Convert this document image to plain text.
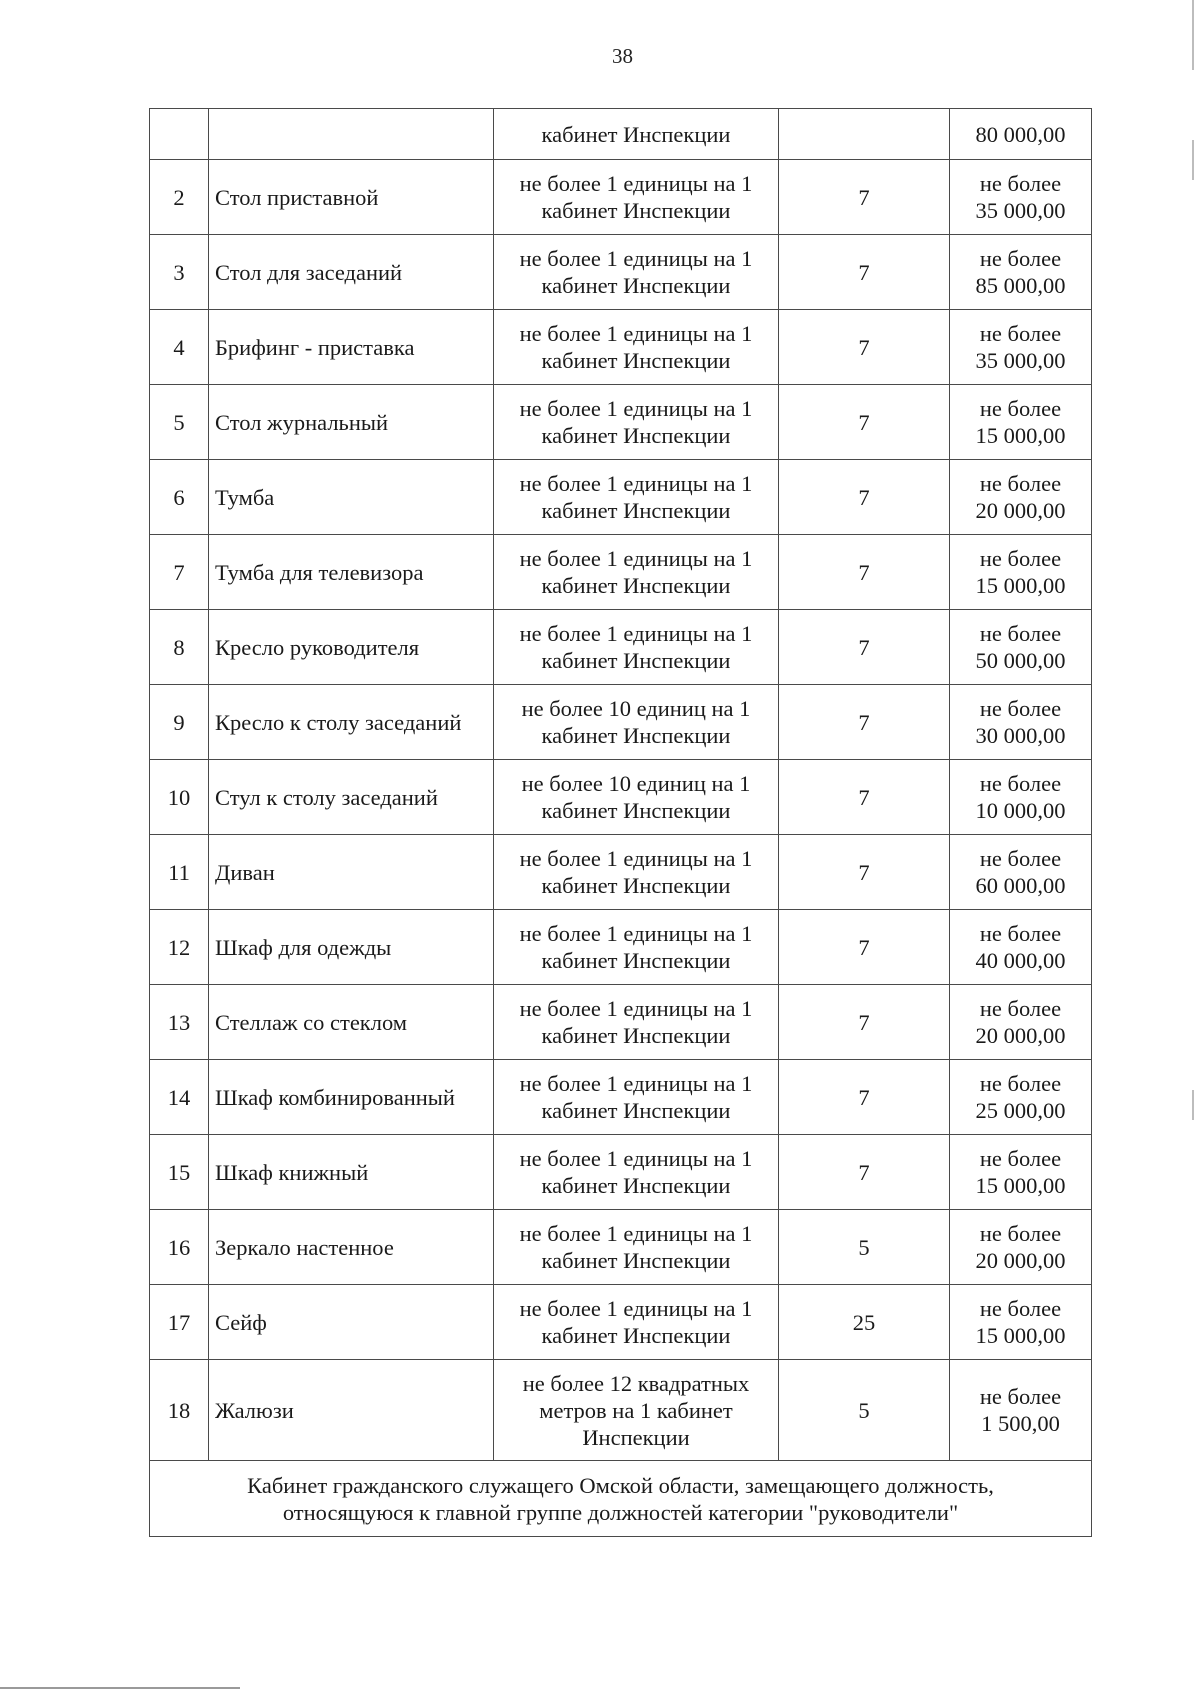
38
		кабинет Инспекции		80 000,00
2	Стол приставной	не более 1 единицы на 1
кабинет Инспекции	7	не более
35 000,00

3	Стол для заседаний	не более 1 единицы на 1
кабинет Инспекции	7	не более
85 000,00

4	Брифинг - приставка	не более 1 единицы на 1
кабинет Инспекции	7	не более
35 000,00

5	Стол журнальный	не более 1 единицы на 1
кабинет Инспекции	7	не более
15 000,00

6	Тумба	не более 1 единицы на 1
кабинет Инспекции	7	не более
20 000,00

7	Тумба для телевизора	не более 1 единицы на 1
кабинет Инспекции	7	не более
15 000,00

8	Кресло руководителя	не более 1 единицы на 1
кабинет Инспекции	7	не более
50 000,00

9	Кресло к столу заседаний	не более 10 единиц на 1
кабинет Инспекции	7	не более
30 000,00

10	Стул к столу заседаний	не более 10 единиц на 1
кабинет Инспекции	7	не более
10 000,00

11	Диван	не более 1 единицы на 1
кабинет Инспекции	7	не более
60 000,00

12	Шкаф для одежды	не более 1 единицы на 1
кабинет Инспекции	7	не более
40 000,00

13	Стеллаж со стеклом	не более 1 единицы на 1
кабинет Инспекции	7	не более
20 000,00

14	Шкаф комбинированный	не более 1 единицы на 1
кабинет Инспекции	7	не более
25 000,00

15	Шкаф книжный	не более 1 единицы на 1
кабинет Инспекции	7	не более
15 000,00

16	Зеркало настенное	не более 1 единицы на 1
кабинет Инспекции	5	не более
20 000,00

17	Сейф	не более 1 единицы на 1
кабинет Инспекции	25	не более
15 000,00

18	Жалюзи	не более 12 квадратных
метров на 1 кабинет
Инспекции	5	не более
1 500,00

Кабинет гражданского служащего Омской области, замещающего должность,
относящуюся к главной группе должностей категории "руководители"				
